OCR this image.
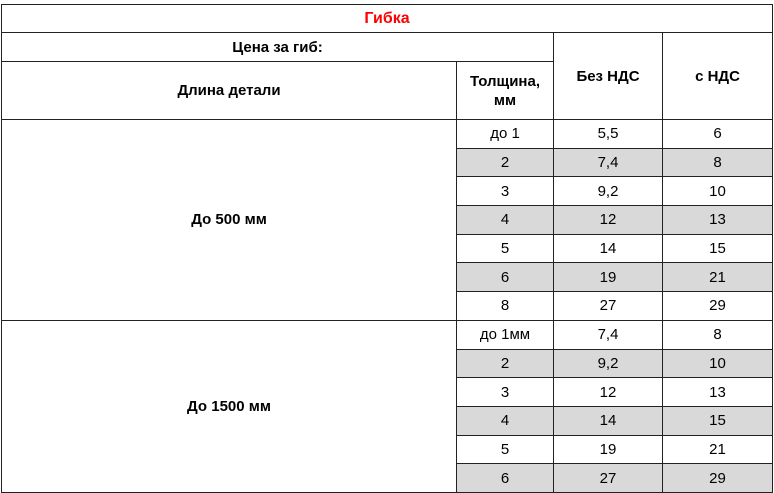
Гибка			
Цена за гиб:		Без НДС	с НДС
Длина детали	Толщина, мм		
До 500 мм	до 1	5,5	6
	2	7,4	8
	3	9,2	10
	4	12	13
	5	14	15
	6	19	21
	8	27	29
До 1500 мм	до 1мм	7,4	8
	2	9,2	10
	3	12	13
	4	14	15
	5	19	21
	6	27	29
